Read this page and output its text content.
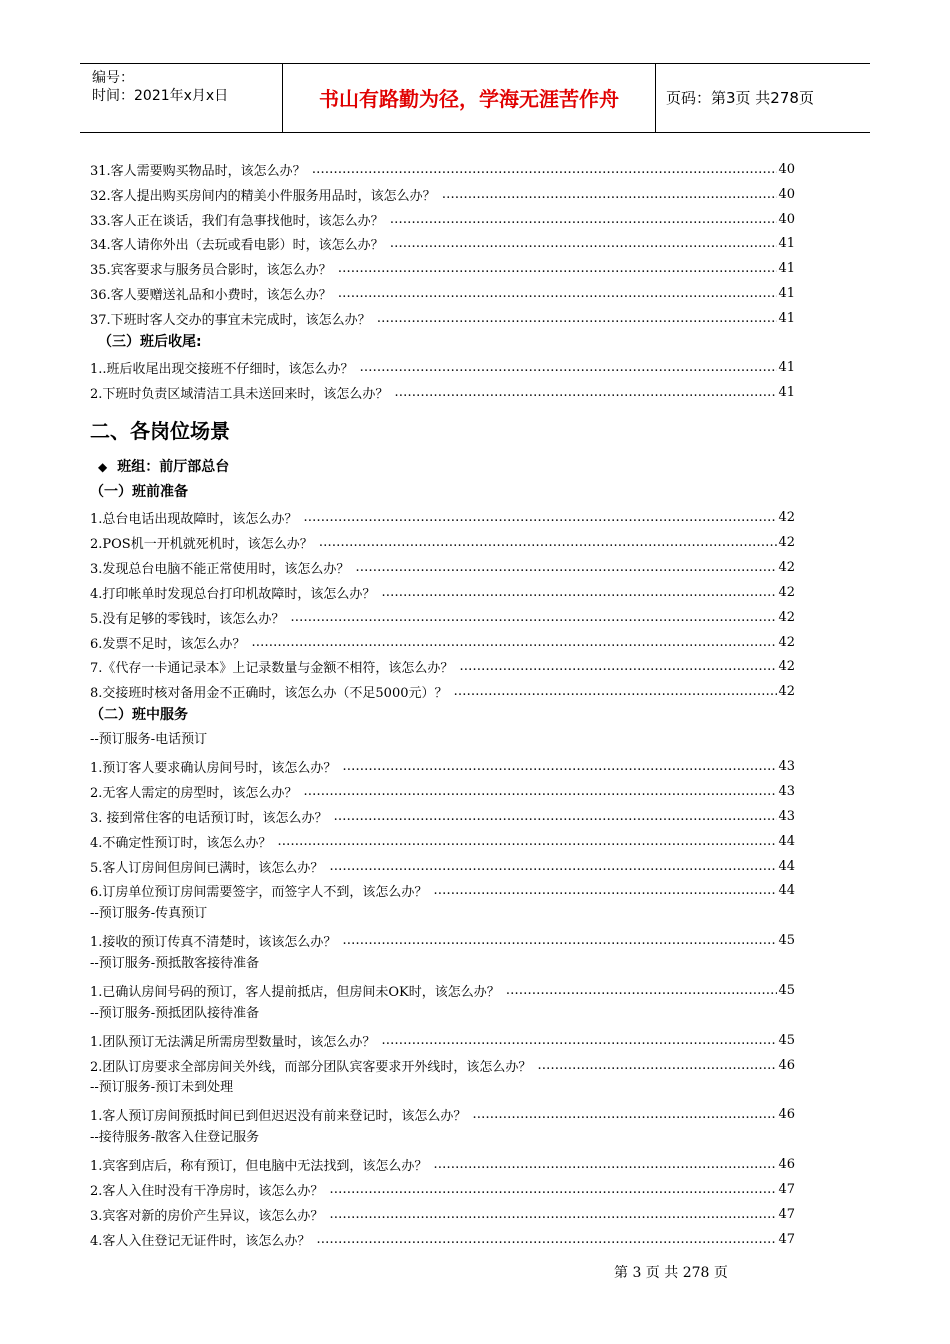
编号：
时间：2021年x月x日	书山有路勤为径，学海无涯苦作舟	页码：第3页 共278页
31.客人需要购买物品时，该怎么办？ …………………………………………………………………………………………………………………………………………	40
32.客人提出购买房间内的精美小件服务用品时，该怎么办？ …………………………………………………………………………………………………………………………………………	40
33.客人正在谈话，我们有急事找他时，该怎么办？ …………………………………………………………………………………………………………………………………………	40
34.客人请你外出（去玩或看电影）时，该怎么办？ …………………………………………………………………………………………………………………………………………	41
35.宾客要求与服务员合影时，该怎么办？ …………………………………………………………………………………………………………………………………………	41
36.客人要赠送礼品和小费时，该怎么办？ …………………………………………………………………………………………………………………………………………	41
37.下班时客人交办的事宜未完成时，该怎么办？ …………………………………………………………………………………………………………………………………………	41
（三）班后收尾:
1..班后收尾出现交接班不仔细时，该怎么办？ …………………………………………………………………………………………………………………………………………	41
2.下班时负责区域清洁工具未送回来时，该怎么办？ …………………………………………………………………………………………………………………………………………	41
二、各岗位场景
◆ 班组：前厅部总台
（一）班前准备
1.总台电话出现故障时，该怎么办？ …………………………………………………………………………………………………………………………………………	42
2.POS机一开机就死机时，该怎么办？ …………………………………………………………………………………………………………………………………………	42
3.发现总台电脑不能正常使用时，该怎么办？ …………………………………………………………………………………………………………………………………………	42
4.打印帐单时发现总台打印机故障时，该怎么办？ …………………………………………………………………………………………………………………………………………	42
5.没有足够的零钱时，该怎么办？ …………………………………………………………………………………………………………………………………………	42
6.发票不足时，该怎么办？ …………………………………………………………………………………………………………………………………………	42
7.《代存一卡通记录本》上记录数量与金额不相符，该怎么办？ …………………………………………………………………………………………………………………………………………	42
8.交接班时核对备用金不正确时，该怎么办（不足5000元）？ …………………………………………………………………………………………………………………………………………	42
（二）班中服务
--预订服务-电话预订
1.预订客人要求确认房间号时，该怎么办？ …………………………………………………………………………………………………………………………………………	43
2.无客人需定的房型时，该怎么办？ …………………………………………………………………………………………………………………………………………	43
3. 接到常住客的电话预订时，该怎么办？ …………………………………………………………………………………………………………………………………………	43
4.不确定性预订时，该怎么办？ …………………………………………………………………………………………………………………………………………	44
5.客人订房间但房间已满时，该怎么办？ …………………………………………………………………………………………………………………………………………	44
6.订房单位预订房间需要签字，而签字人不到，该怎么办？ …………………………………………………………………………………………………………………………………………	44
--预订服务-传真预订
1.接收的预订传真不清楚时，该该怎么办？ …………………………………………………………………………………………………………………………………………	45
--预订服务-预抵散客接待准备
1.已确认房间号码的预订，客人提前抵店，但房间未OK时，该怎么办？ …………………………………………………………………………………………………………………………………………	45
--预订服务-预抵团队接待准备
1.团队预订无法满足所需房型数量时，该怎么办？ …………………………………………………………………………………………………………………………………………	45
2.团队订房要求全部房间关外线，而部分团队宾客要求开外线时，该怎么办？ …………………………………………………………………………………………………………………………………………	46
--预订服务-预订未到处理
1.客人预订房间预抵时间已到但迟迟没有前来登记时，该怎么办？ …………………………………………………………………………………………………………………………………………	46
--接待服务-散客入住登记服务
1.宾客到店后，称有预订，但电脑中无法找到，该怎么办？ …………………………………………………………………………………………………………………………………………	46
2.客人入住时没有干净房时，该怎么办？ …………………………………………………………………………………………………………………………………………	47
3.宾客对新的房价产生异议，该怎么办？ …………………………………………………………………………………………………………………………………………	47
4.客人入住登记无证件时，该怎么办？ …………………………………………………………………………………………………………………………………………	47
第 3 页 共 278 页
